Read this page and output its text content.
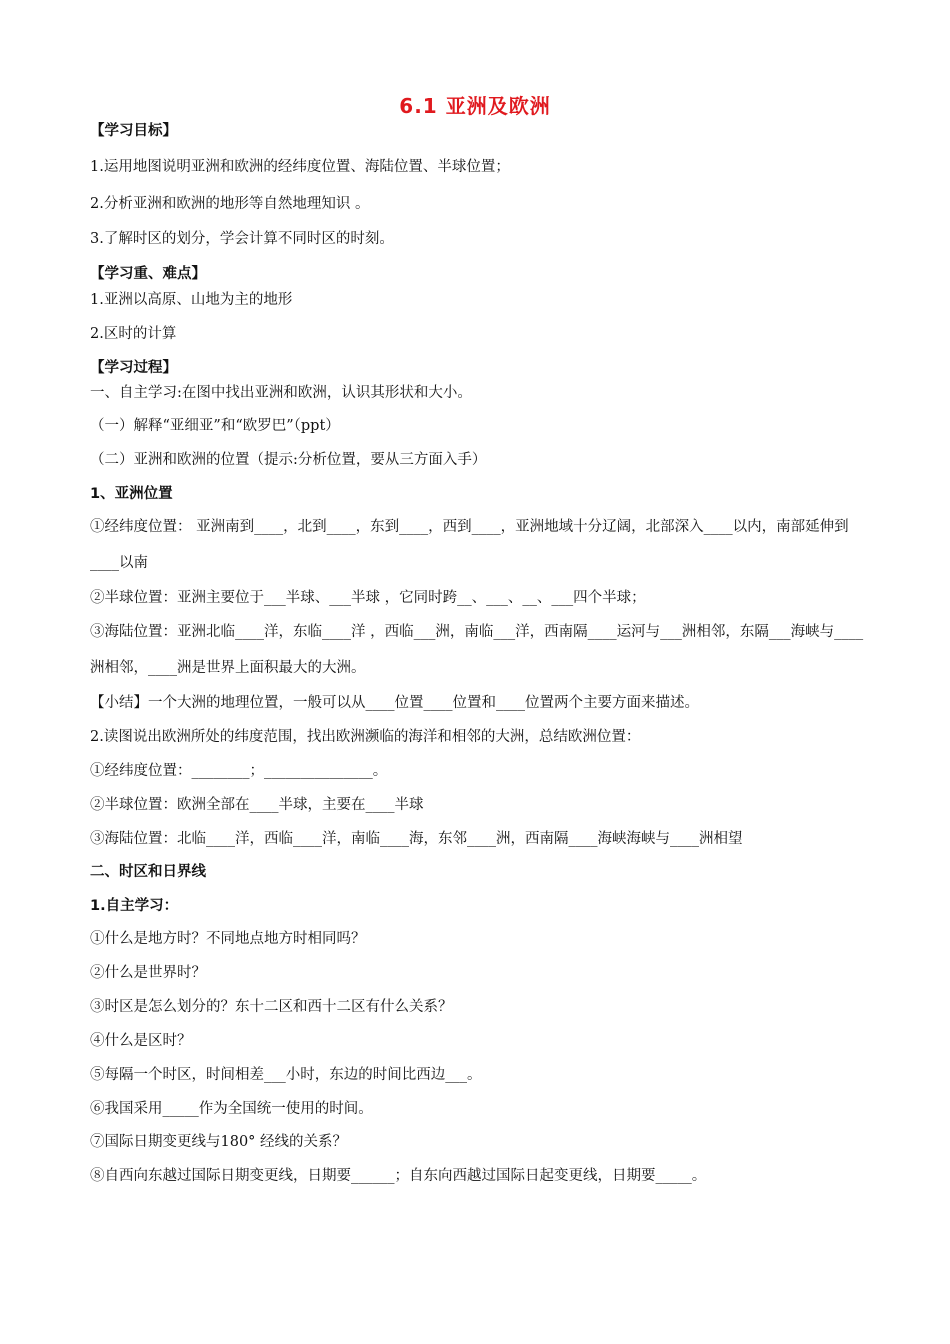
6.1 亚洲及欧洲
【学习目标】
1.运用地图说明亚洲和欧洲的经纬度位置、海陆位置、半球位置；
2.分析亚洲和欧洲的地形等自然地理知识 。
3.了解时区的划分，学会计算不同时区的时刻。
【学习重、难点】
1.亚洲以高原、山地为主的地形
2.区时的计算
【学习过程】
一、自主学习:在图中找出亚洲和欧洲，认识其形状和大小。
（一）解释“亚细亚”和“欧罗巴”（ppt）
（二）亚洲和欧洲的位置（提示:分析位置，要从三方面入手）
1、亚洲位置
①经纬度位置： 亚洲南到____，北到____，东到____，西到____，亚洲地域十分辽阔，北部深入____以内，南部延伸到____以南
②半球位置：亚洲主要位于___半球、___半球 ，它同时跨__、___、__、___四个半球；
③海陆位置：亚洲北临____洋，东临____洋 ，西临___洲，南临___洋，西南隔____运河与___洲相邻，东隔___海峡与____洲相邻，____洲是世界上面积最大的大洲。
【小结】一个大洲的地理位置，一般可以从____位置____位置和____位置两个主要方面来描述。
2.读图说出欧洲所处的纬度范围，找出欧洲濒临的海洋和相邻的大洲，总结欧洲位置：
①经纬度位置：________；_______________。
②半球位置：欧洲全部在____半球，主要在____半球
③海陆位置：北临____洋，西临____洋，南临____海，东邻____洲，西南隔____海峡海峡与____洲相望
二、时区和日界线
1.自主学习：
①什么是地方时？不同地点地方时相同吗？
②什么是世界时？
③时区是怎么划分的？东十二区和西十二区有什么关系？
④什么是区时？
⑤每隔一个时区，时间相差___小时，东边的时间比西边___。
⑥我国采用_____作为全国统一使用的时间。
⑦国际日期变更线与180° 经线的关系？
⑧自西向东越过国际日期变更线，日期要______；自东向西越过国际日起变更线，日期要_____。
